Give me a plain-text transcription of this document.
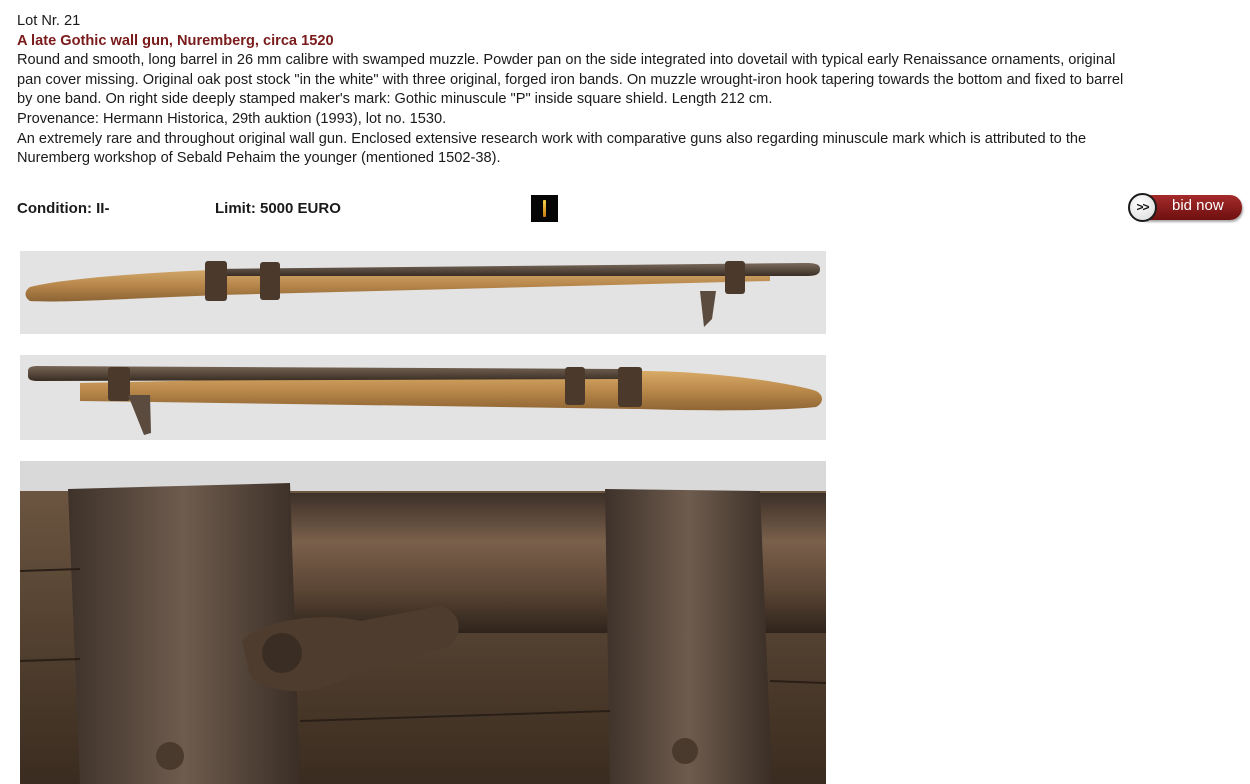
Lot Nr. 21
A late Gothic wall gun, Nuremberg, circa 1520
Round and smooth, long barrel in 26 mm calibre with swamped muzzle. Powder pan on the side integrated into dovetail with typical early Renaissance ornaments, original
pan cover missing. Original oak post stock "in the white" with three original, forged iron bands. On muzzle wrought-iron hook tapering towards the bottom and fixed to barrel
by one band. On right side deeply stamped maker's mark: Gothic minuscule "P" inside square shield. Length 212 cm.
Provenance: Hermann Historica, 29th auktion (1993), lot no. 1530.
An extremely rare and throughout original wall gun. Enclosed extensive research work with comparative guns also regarding minuscule mark which is attributed to the
Nuremberg workshop of Sebald Pehaim the younger (mentioned 1502-38).
Condition: II-	Limit: 5000 EURO	>>	bid now
